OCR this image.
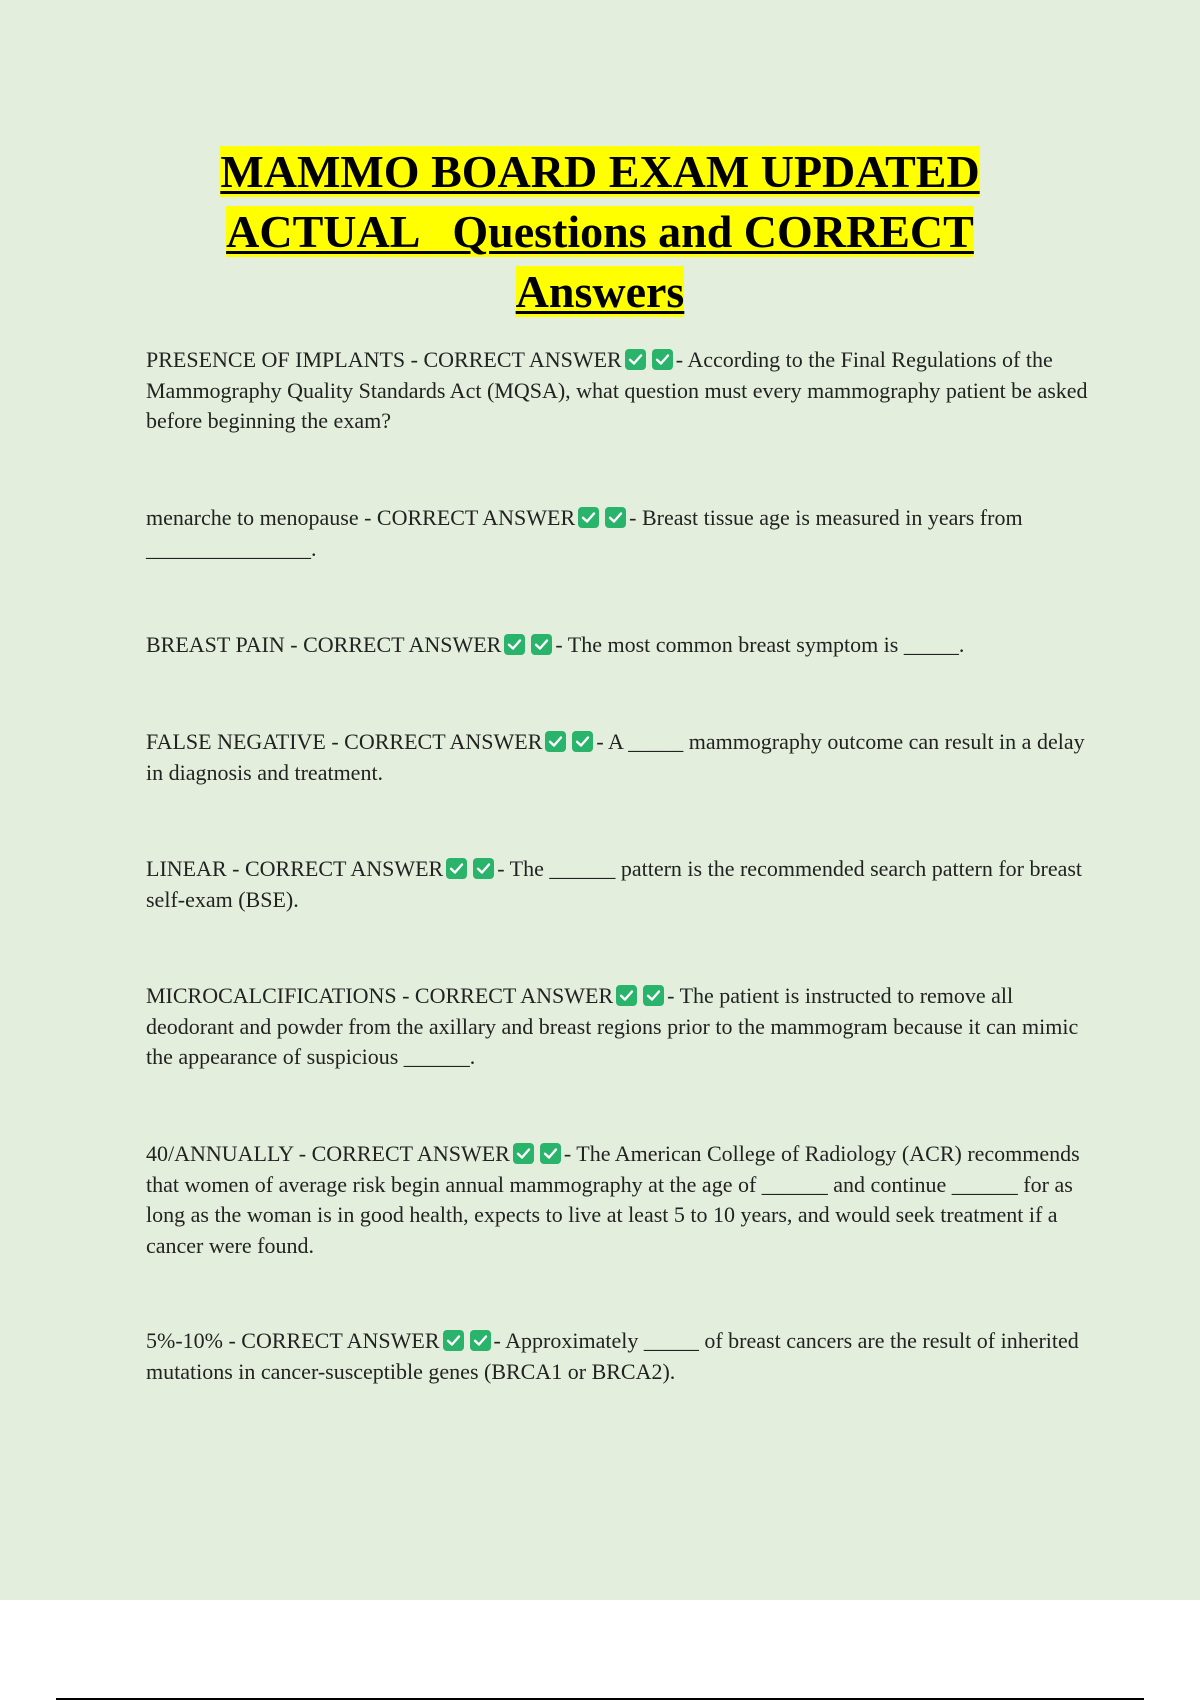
MAMMO BOARD EXAM UPDATED
ACTUAL   Questions and CORRECT
Answers
PRESENCE OF IMPLANTS - CORRECT ANSWER - According to the Final Regulations of the Mammography Quality Standards Act (MQSA), what question must every mammography patient be asked before beginning the exam?
menarche to menopause - CORRECT ANSWER - Breast tissue age is measured in years from _______________.
BREAST PAIN - CORRECT ANSWER - The most common breast symptom is _____.
FALSE NEGATIVE - CORRECT ANSWER - A _____ mammography outcome can result in a delay in diagnosis and treatment.
LINEAR - CORRECT ANSWER - The ______ pattern is the recommended search pattern for breast self-exam (BSE).
MICROCALCIFICATIONS - CORRECT ANSWER - The patient is instructed to remove all deodorant and powder from the axillary and breast regions prior to the mammogram because it can mimic the appearance of suspicious ______.
40/ANNUALLY - CORRECT ANSWER - The American College of Radiology (ACR) recommends that women of average risk begin annual mammography at the age of ______ and continue ______ for as long as the woman is in good health, expects to live at least 5 to 10 years, and would seek treatment if a cancer were found.
5%-10% - CORRECT ANSWER - Approximately _____ of breast cancers are the result of inherited mutations in cancer-susceptible genes (BRCA1 or BRCA2).
